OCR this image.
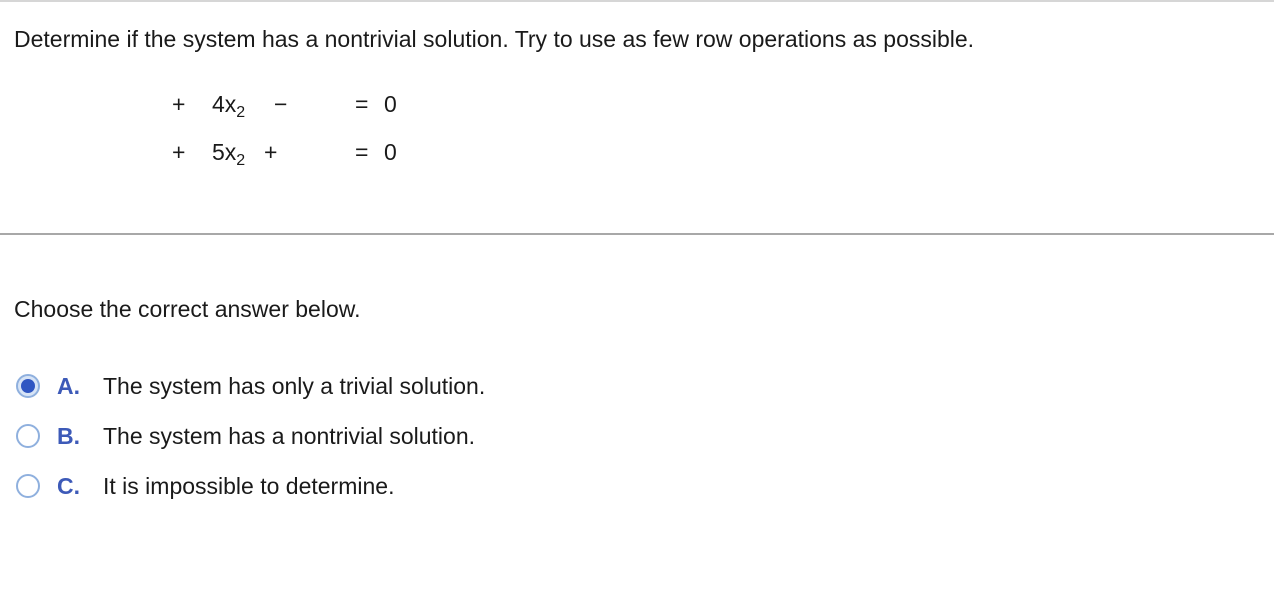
Determine if the system has a nontrivial solution. Try to use as few row operations as possible.
+ $4x_2$ −	= 0
+ $5x_2$ +	= 0
Choose the correct answer below.
A. The system has only a trivial solution.
B. The system has a nontrivial solution.
C. It is impossible to determine.
